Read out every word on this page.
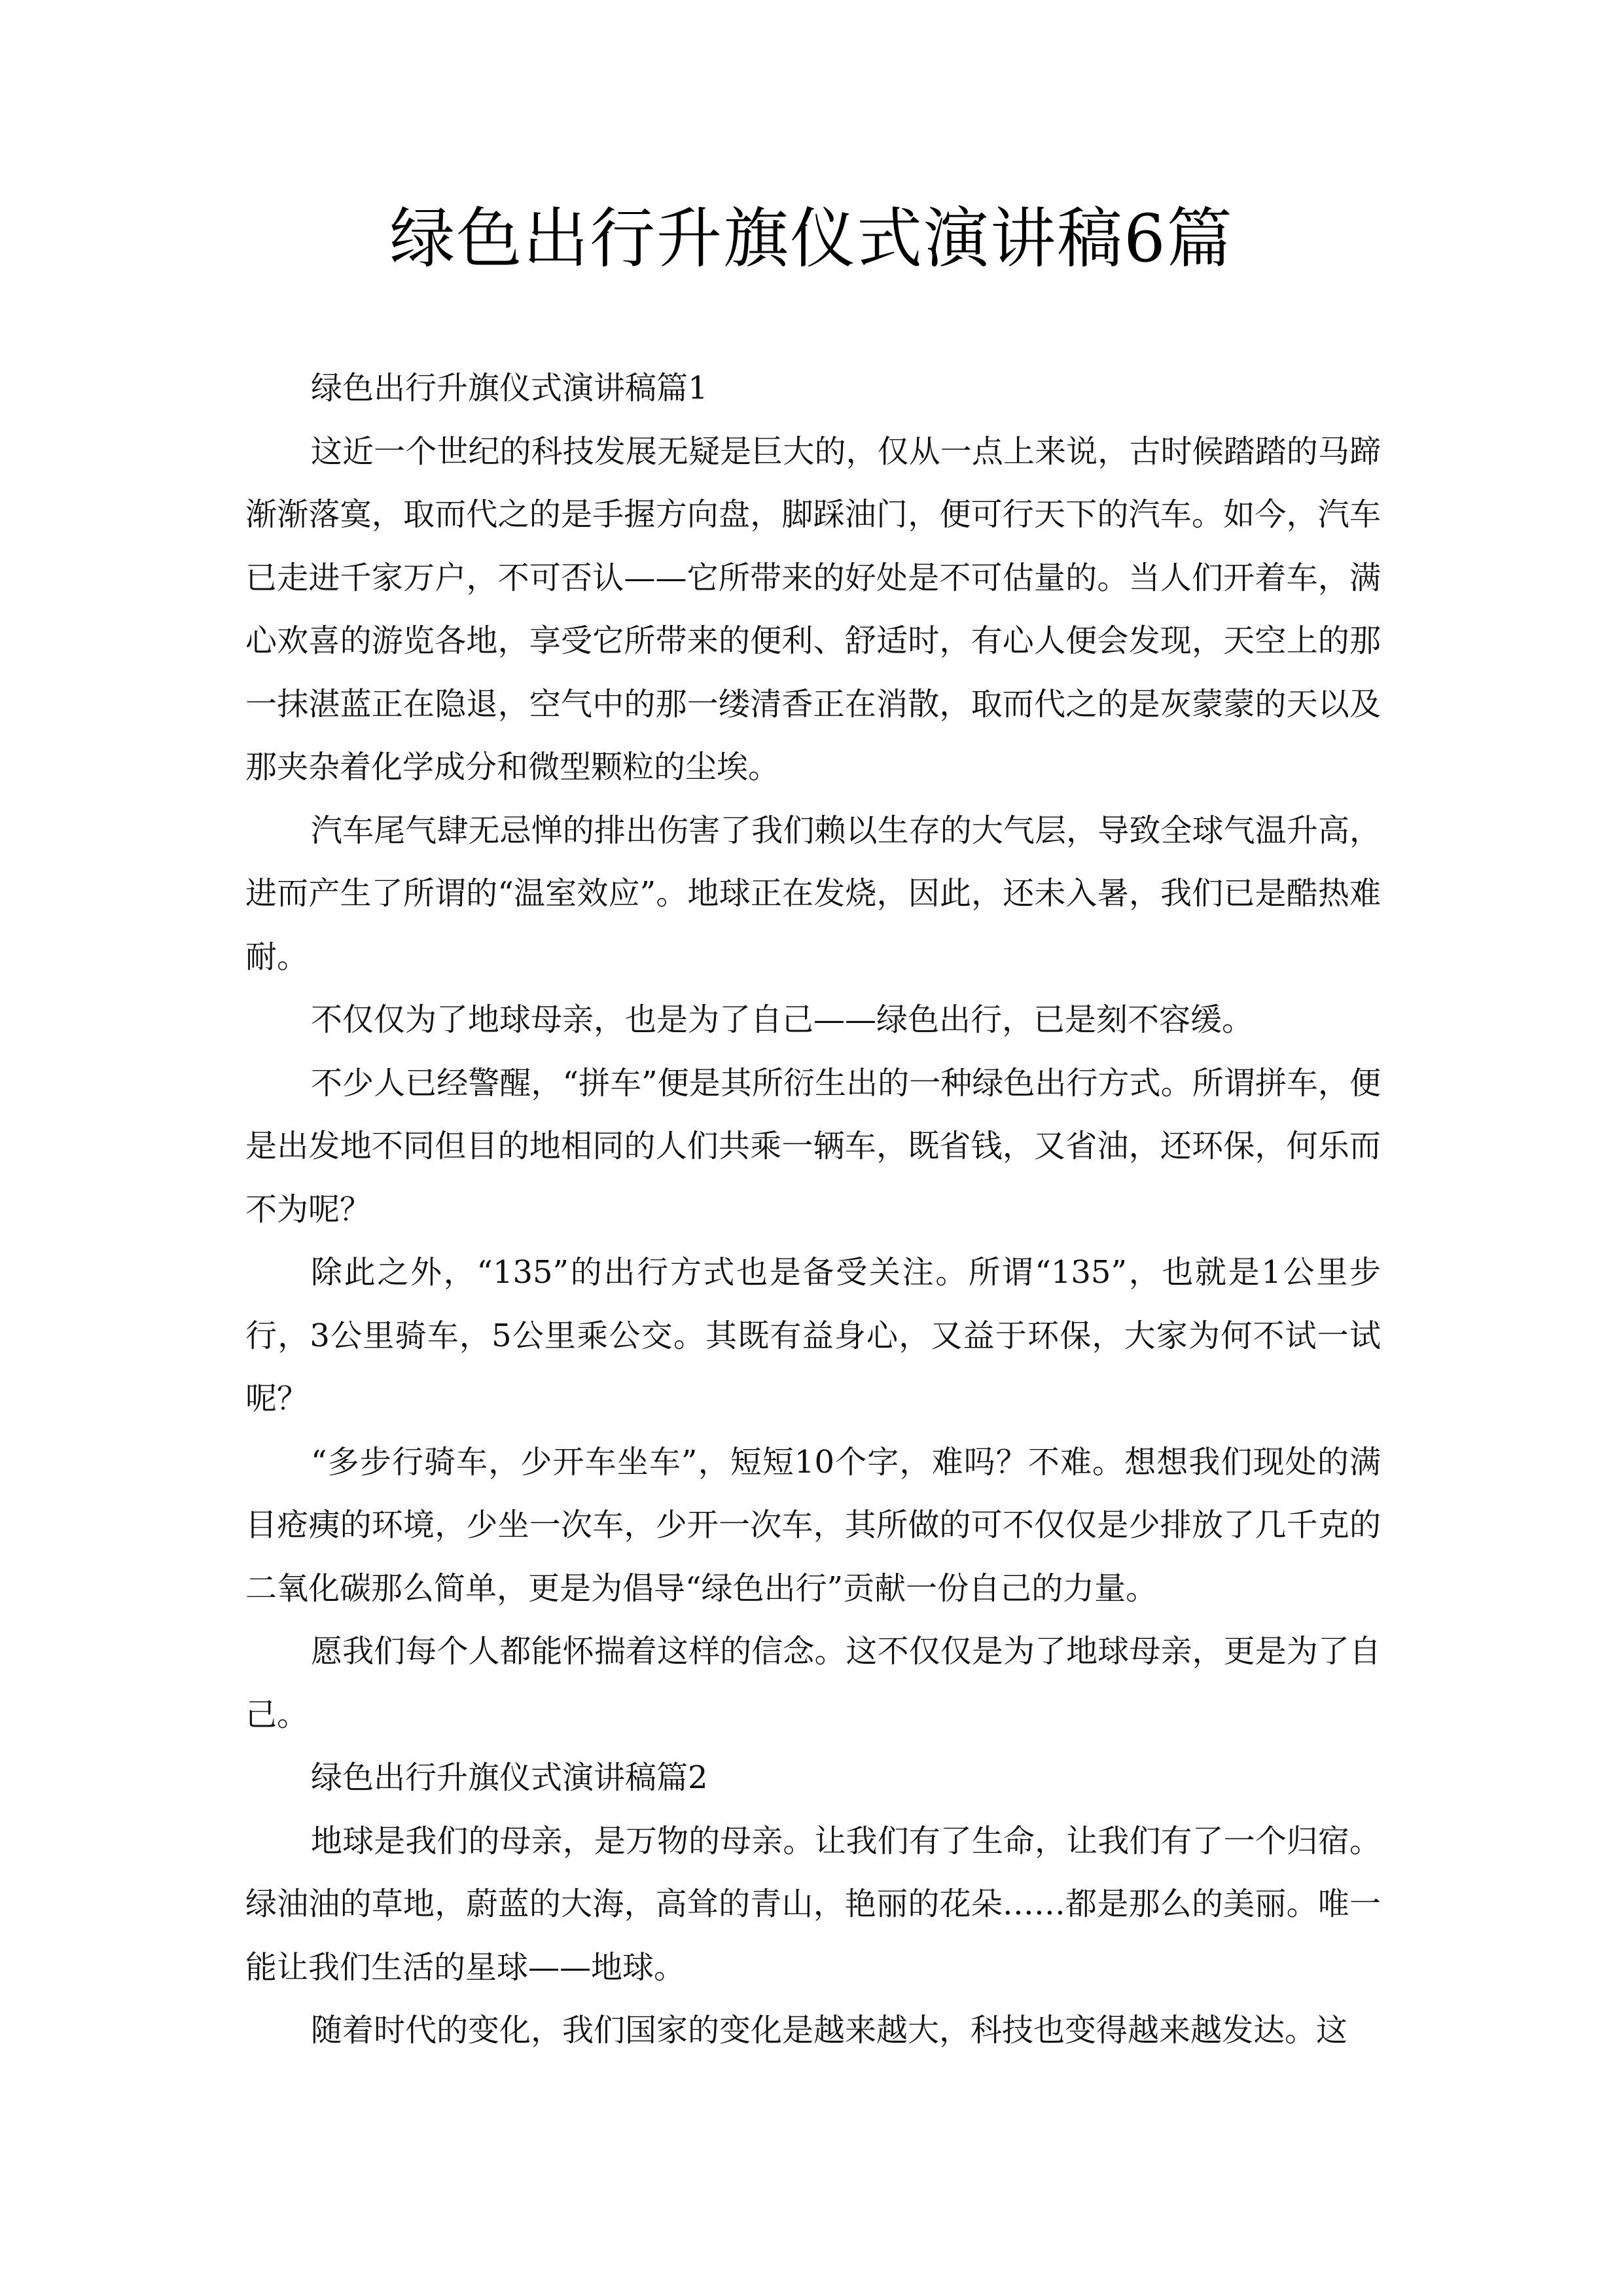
绿色出行升旗仪式演讲稿6篇

绿色出行升旗仪式演讲稿篇1

这近一个世纪的科技发展无疑是巨大的，仅从一点上来说，古时候踏踏的马蹄渐渐落寞，取而代之的是手握方向盘，脚踩油门，便可行天下的汽车。如今，汽车已走进千家万户，不可否认——它所带来的好处是不可估量的。当人们开着车，满心欢喜的游览各地，享受它所带来的便利、舒适时，有心人便会发现，天空上的那一抹湛蓝正在隐退，空气中的那一缕清香正在消散，取而代之的是灰蒙蒙的天以及那夹杂着化学成分和微型颗粒的尘埃。

汽车尾气肆无忌惮的排出伤害了我们赖以生存的大气层，导致全球气温升高，进而产生了所谓的“温室效应”。地球正在发烧，因此，还未入暑，我们已是酷热难耐。

不仅仅为了地球母亲，也是为了自己——绿色出行，已是刻不容缓。

不少人已经警醒，“拼车”便是其所衍生出的一种绿色出行方式。所谓拼车，便是出发地不同但目的地相同的人们共乘一辆车，既省钱，又省油，还环保，何乐而不为呢？

除此之外，“135”的出行方式也是备受关注。所谓“135”，也就是1公里步行，3公里骑车，5公里乘公交。其既有益身心，又益于环保，大家为何不试一试呢？

“多步行骑车，少开车坐车”，短短10个字，难吗？不难。想想我们现处的满目疮痍的环境，少坐一次车，少开一次车，其所做的可不仅仅是少排放了几千克的二氧化碳那么简单，更是为倡导“绿色出行”贡献一份自己的力量。

愿我们每个人都能怀揣着这样的信念。这不仅仅是为了地球母亲，更是为了自己。

绿色出行升旗仪式演讲稿篇2

地球是我们的母亲，是万物的母亲。让我们有了生命，让我们有了一个归宿。绿油油的草地，蔚蓝的大海，高耸的青山，艳丽的花朵……都是那么的美丽。唯一能让我们生活的星球——地球。

随着时代的变化，我们国家的变化是越来越大，科技也变得越来越发达。这
